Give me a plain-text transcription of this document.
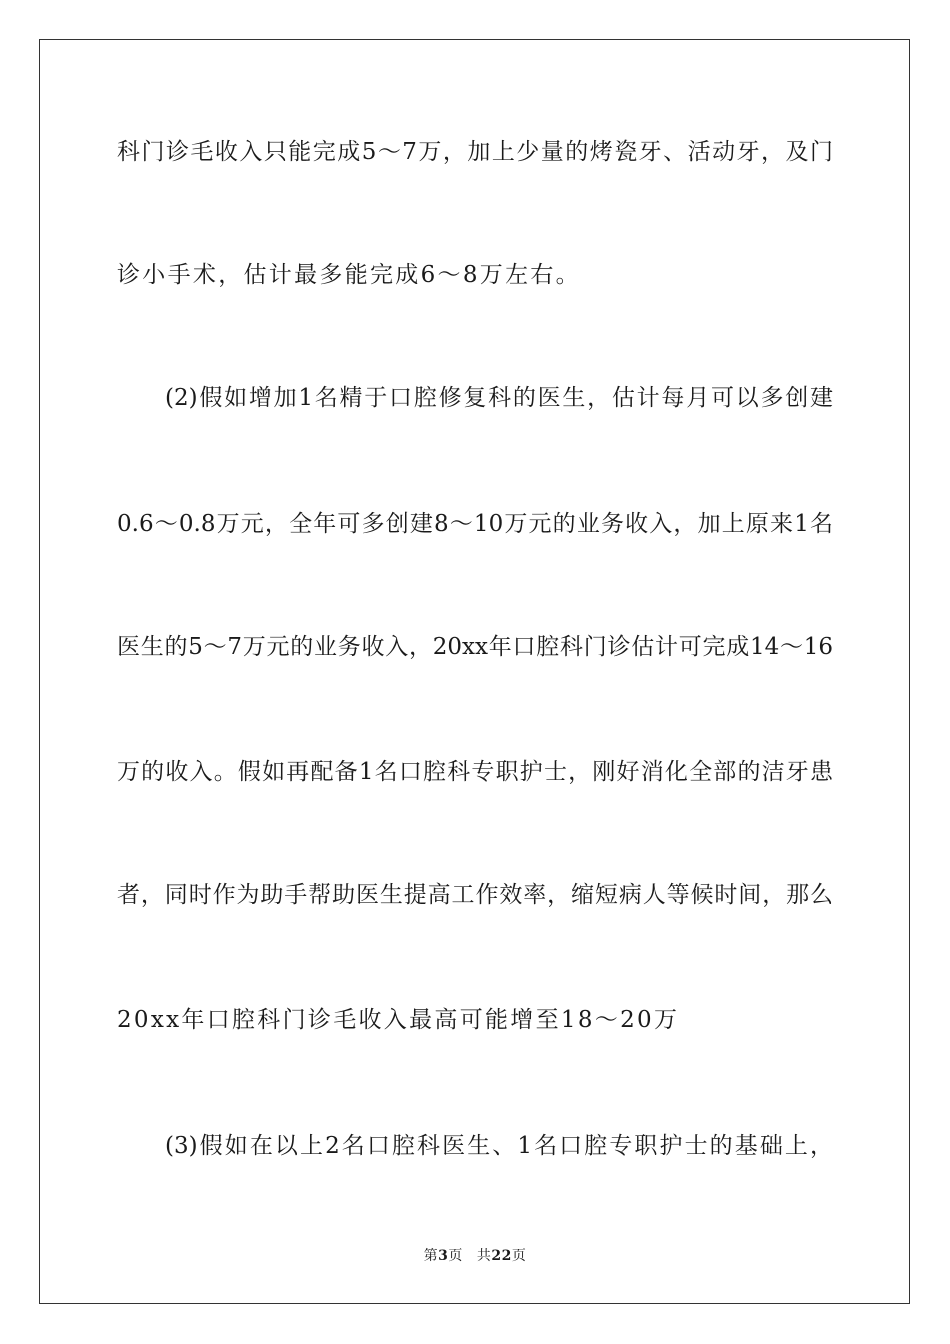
科门诊毛收入只能完成5～7万，加上少量的烤瓷牙、活动牙，及门
诊小手术，估计最多能完成6～8万左右。
(2)假如增加1名精于口腔修复科的医生，估计每月可以多创建
0.6～0.8万元，全年可多创建8～10万元的业务收入，加上原来1名
医生的5～7万元的业务收入，20xx年口腔科门诊估计可完成14～16
万的收入。假如再配备1名口腔科专职护士，刚好消化全部的洁牙患
者，同时作为助手帮助医生提高工作效率，缩短病人等候时间，那么
20xx年口腔科门诊毛收入最高可能增至18～20万
(3)假如在以上2名口腔科医生、1名口腔专职护士的基础上，
第3页 共22页
